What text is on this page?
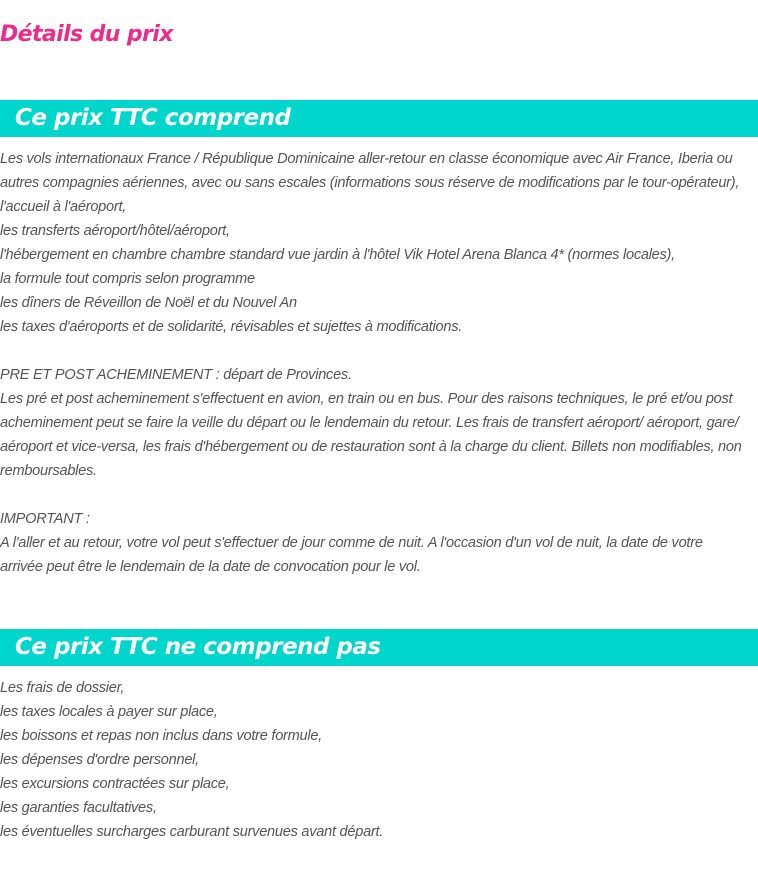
Détails du prix
Ce prix TTC comprend
Les vols internationaux France / République Dominicaine aller-retour en classe économique avec Air France, Iberia ou
autres compagnies aériennes, avec ou sans escales (informations sous réserve de modifications par le tour-opérateur),
l'accueil à l'aéroport,
les transferts aéroport/hôtel/aéroport,
l'hébergement en chambre chambre standard vue jardin à l'hôtel Vik Hotel Arena Blanca 4* (normes locales),
la formule tout compris selon programme
les dîners de Réveillon de Noël et du Nouvel An
les taxes d'aéroports et de solidarité, révisables et sujettes à modifications.
PRE ET POST ACHEMINEMENT : départ de Provinces.
Les pré et post acheminement s'effectuent en avion, en train ou en bus. Pour des raisons techniques, le pré et/ou post
acheminement peut se faire la veille du départ ou le lendemain du retour. Les frais de transfert aéroport/ aéroport, gare/
aéroport et vice-versa, les frais d'hébergement ou de restauration sont à la charge du client. Billets non modifiables, non
remboursables.
IMPORTANT :
A l'aller et au retour, votre vol peut s'effectuer de jour comme de nuit. A l'occasion d'un vol de nuit, la date de votre
arrivée peut être le lendemain de la date de convocation pour le vol.
Ce prix TTC ne comprend pas
Les frais de dossier,
les taxes locales à payer sur place,
les boissons et repas non inclus dans votre formule,
les dépenses d'ordre personnel,
les excursions contractées sur place,
les garanties facultatives,
les éventuelles surcharges carburant survenues avant départ.
